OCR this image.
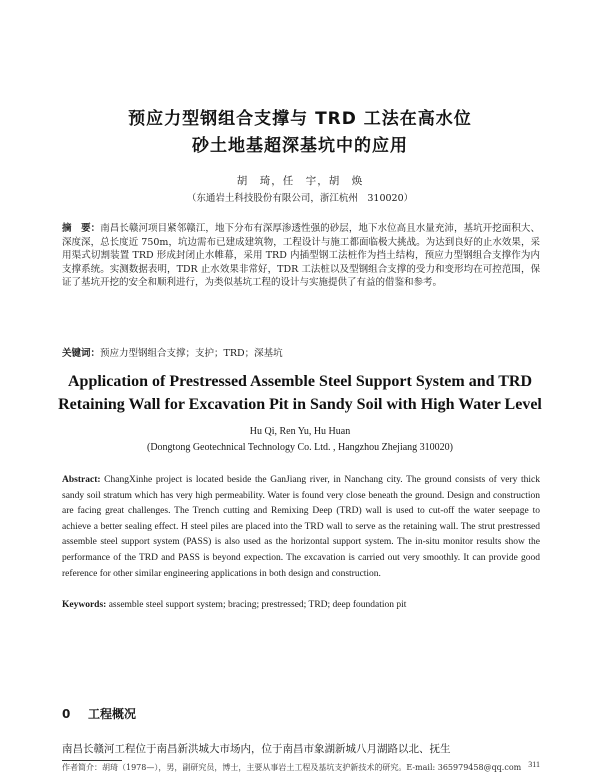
预应力型钢组合支撑与 TRD 工法在高水位
砂土地基超深基坑中的应用
胡　琦，任　宇，胡　焕
（东通岩土科技股份有限公司，浙江杭州　310020）
摘　要：南昌长赣河项目紧邻赣江，地下分布有深厚渗透性强的砂层，地下水位高且水量充沛，基坑开挖面积大、深度深，总长度近 750m，坑边需布已建成建筑物，工程设计与施工都面临极大挑战。为达到良好的止水效果，采用渠式切割装置 TRD 形成封闭止水帷幕，采用 TRD 内插型钢工法桩作为挡土结构，预应力型钢组合支撑作为内支撑系统。实测数据表明，TDR 止水效果非常好，TDR 工法桩以及型钢组合支撑的受力和变形均在可控范围，保证了基坑开挖的安全和顺利进行，为类似基坑工程的设计与实施提供了有益的借鉴和参考。
关键词：预应力型钢组合支撑；支护；TRD；深基坑
Application of Prestressed Assemble Steel Support System and TRD
Retaining Wall for Excavation Pit in Sandy Soil with High Water Level
Hu Qi, Ren Yu, Hu Huan
(Dongtong Geotechnical Technology Co. Ltd. , Hangzhou Zhejiang 310020)
Abstract: ChangXinhe project is located beside the GanJiang river, in Nanchang city. The ground consists of very thick sandy soil stratum which has very high permeability. Water is found very close beneath the ground. Design and construction are facing great challenges. The Trench cutting and Remixing Deep (TRD) wall is used to cut-off the water seepage to achieve a better sealing effect. H steel piles are placed into the TRD wall to serve as the retaining wall. The strut prestressed assemble steel support system (PASS) is also used as the horizontal support system. The in-situ monitor results show the performance of the TRD and PASS is beyond expection. The excavation is carried out very smoothly. It can provide good reference for other similar engineering applications in both design and construction.
Keywords: assemble steel support system; bracing; prestressed; TRD; deep foundation pit
0 工程概况
南昌长赣河工程位于南昌新洪城大市场内，位于南昌市象湖新城八月湖路以北、抚生
作者简介：胡琦（1978—），男，副研究员，博士，主要从事岩土工程及基坑支护新技术的研究。E-mail: 365979458@qq.com 311
